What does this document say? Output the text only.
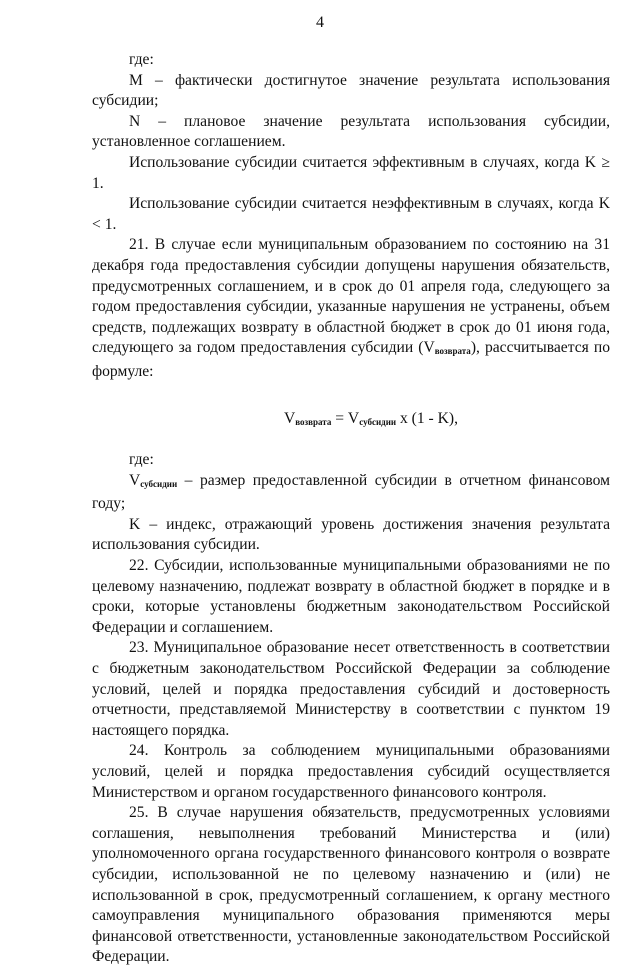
4

где:

М – фактически достигнутое значение результата использования субсидии;

N – плановое значение результата использования субсидии, установленное соглашением.

Использование субсидии считается эффективным в случаях, когда K ≥ 1.

Использование субсидии считается неэффективным в случаях, когда K < 1.

21. В случае если муниципальным образованием по состоянию на 31 декабря года предоставления субсидии допущены нарушения обязательств, предусмотренных соглашением, и в срок до 01 апреля года, следующего за годом предоставления субсидии, указанные нарушения не устранены, объем средств, подлежащих возврату в областной бюджет в срок до 01 июня года, следующего за годом предоставления субсидии $(V_{возврата})$, рассчитывается по формуле:

$V_{возврата} = V_{субсидии}$ x (1 - K),

где:

$V_{субсидии}$ – размер предоставленной субсидии в отчетном финансовом году;

K – индекс, отражающий уровень достижения значения результата использования субсидии.

22. Субсидии, использованные муниципальными образованиями не по целевому назначению, подлежат возврату в областной бюджет в порядке и в сроки, которые установлены бюджетным законодательством Российской Федерации и соглашением.

23. Муниципальное образование несет ответственность в соответствии с бюджетным законодательством Российской Федерации за соблюдение условий, целей и порядка предоставления субсидий и достоверность отчетности, представляемой Министерству в соответствии с пунктом 19 настоящего порядка.

24. Контроль за соблюдением муниципальными образованиями условий, целей и порядка предоставления субсидий осуществляется Министерством и органом государственного финансового контроля.

25. В случае нарушения обязательств, предусмотренных условиями соглашения, невыполнения требований Министерства и (или) уполномоченного органа государственного финансового контроля о возврате субсидии, использованной не по целевому назначению и (или) не использованной в срок, предусмотренный соглашением, к органу местного самоуправления муниципального образования применяются меры финансовой ответственности, установленные законодательством Российской Федерации.
